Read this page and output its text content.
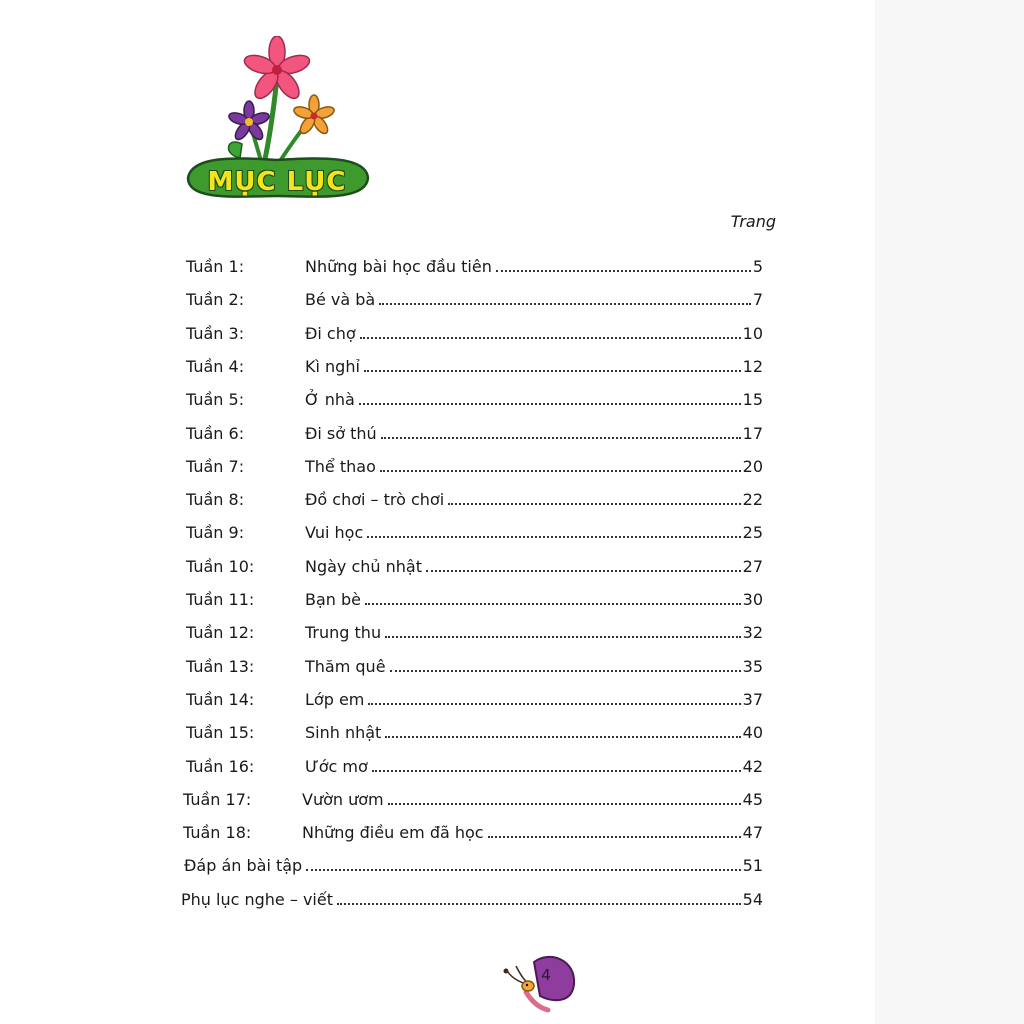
MỤC LỤC
Trang
Tuần 1:	Những bài học đầu tiên	5
Tuần 2:	Bé và bà	7
Tuần 3:	Đi chợ	10
Tuần 4:	Kì nghỉ	12
Tuần 5:	Ở nhà	15
Tuần 6:	Đi sở thú	17
Tuần 7:	Thể thao	20
Tuần 8:	Đồ chơi – trò chơi	22
Tuần 9:	Vui học	25
Tuần 10:	Ngày chủ nhật	27
Tuần 11:	Bạn bè	30
Tuần 12:	Trung thu	32
Tuần 13:	Thăm quê	35
Tuần 14:	Lớp em	37
Tuần 15:	Sinh nhật	40
Tuần 16:	Ước mơ	42
Tuần 17:	Vườn ươm	45
Tuần 18:	Những điều em đã học	47
Đáp án bài tập	51
Phụ lục nghe – viết	54
4
